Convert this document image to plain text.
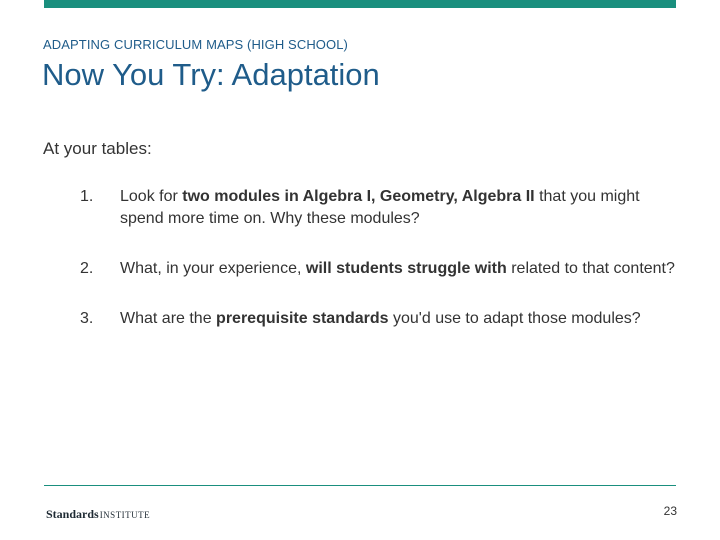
ADAPTING CURRICULUM MAPS (HIGH SCHOOL)
Now You Try: Adaptation
At your tables:
1.	Look for two modules in Algebra I, Geometry, Algebra II that you might spend more time on. Why these modules?
2.	What, in your experience, will students struggle with related to that content?
3.	What are the prerequisite standards you'd use to adapt those modules?
StandardsINSTITUTE	23
